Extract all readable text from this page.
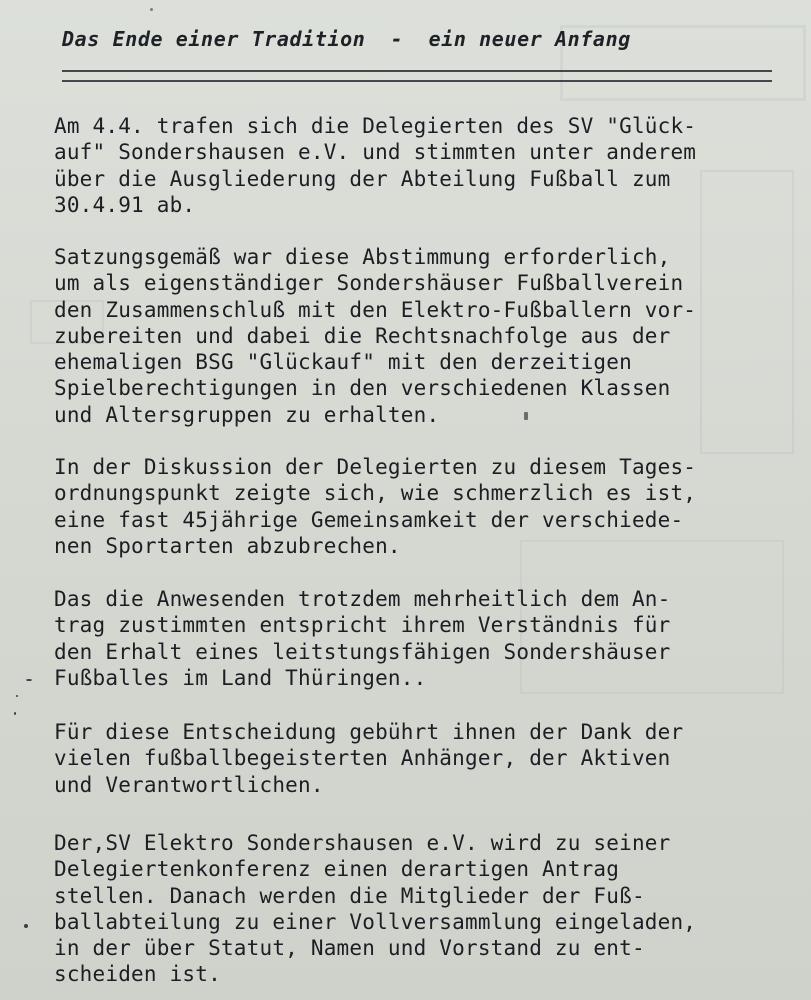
Das Ende einer Tradition  -  ein neuer Anfang
Am 4.4. trafen sich die Delegierten des SV "Glück-
auf" Sondershausen e.V. und stimmten unter anderem
über die Ausgliederung der Abteilung Fußball zum
30.4.91 ab.
Satzungsgemäß war diese Abstimmung erforderlich,
um als eigenständiger Sondershäuser Fußballverein
den Zusammenschluß mit den Elektro-Fußballern vor-
zubereiten und dabei die Rechtsnachfolge aus der
ehemaligen BSG "Glückauf" mit den derzeitigen
Spielberechtigungen in den verschiedenen Klassen
und Altersgruppen zu erhalten.
In der Diskussion der Delegierten zu diesem Tages-
ordnungspunkt zeigte sich, wie schmerzlich es ist,
eine fast 45jährige Gemeinsamkeit der verschiede-
nen Sportarten abzubrechen.
Das die Anwesenden trotzdem mehrheitlich dem An-
trag zustimmten entspricht ihrem Verständnis für
den Erhalt eines leitstungsfähigen Sondershäuser
Fußballes im Land Thüringen..
Für diese Entscheidung gebührt ihnen der Dank der
vielen fußballbegeisterten Anhänger, der Aktiven
und Verantwortlichen.
Der,SV Elektro Sondershausen e.V. wird zu seiner
Delegiertenkonferenz einen derartigen Antrag
stellen. Danach werden die Mitglieder der Fuß-
ballabteilung zu einer Vollversammlung eingeladen,
in der über Statut, Namen und Vorstand zu ent-
scheiden ist.
